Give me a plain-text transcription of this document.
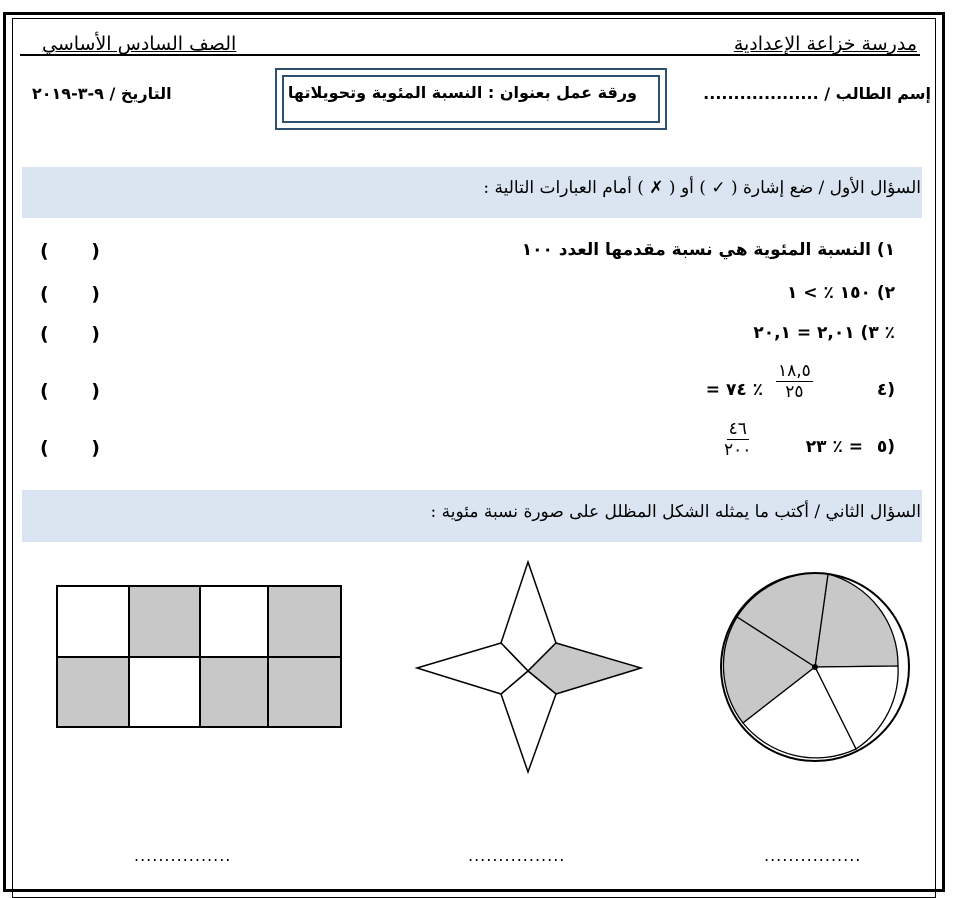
مدرسة خزاعة الإعدادية
الصف السادس الأساسي
إسم الطالب / ...................
ورقة عمل بعنوان : النسبة المئوية وتحويلاتها
التاريخ / ٩-٣-٢٠١٩
السؤال الأول / ضع إشارة ( ✓ ) أو ( ✗ ) أمام العبارات التالية :
١) النسبة المئوية هي نسبة مقدمها العدد ١٠٠
( )
٢) ١٥٠ ٪ > ١
( )
٣) ٢,٠١ = ٢٠,١ ٪
( )
٤)
١٨,٥
٢٥
= ٧٤ ٪
( )
٥)
٢٣ ٪ =
٤٦
٢٠٠
( )
السؤال الثاني / أكتب ما يمثله الشكل المظلل على صورة نسبة مئوية :
................	................	................
